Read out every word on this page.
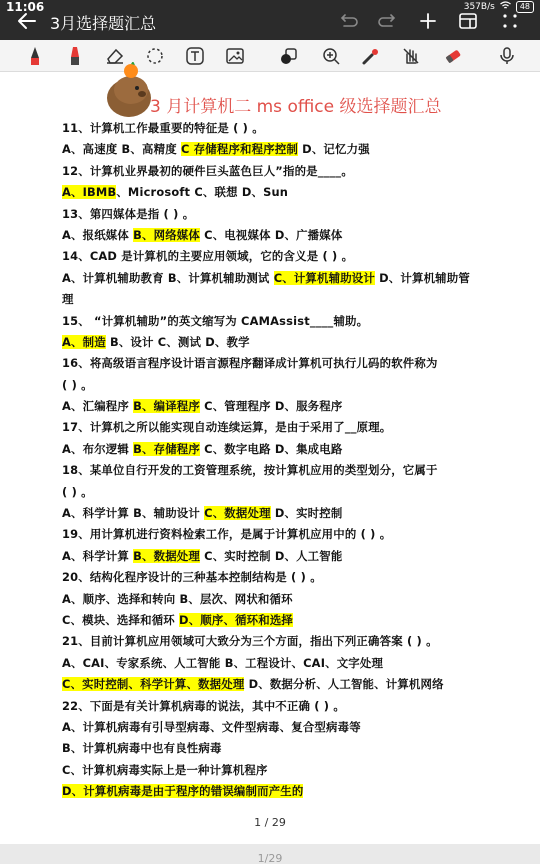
11:06	357B/s	48
3月选择题汇总
3 月计算机二 ms office 级选择题汇总
11、计算机工作最重要的特征是 ( ) 。
A、高速度 B、高精度 C 存储程序和程序控制 D、记忆力强
12、计算机业界最初的硬件巨头蓝色巨人”指的是____。
A、IBMB、Microsoft C、联想 D、Sun
13、第四媒体是指 ( ) 。
A、报纸媒体 B、网络媒体 C、电视媒体 D、广播媒体
14、CAD 是计算机的主要应用领域，它的含义是 ( ) 。
A、计算机辅助教育 B、计算机辅助测试 C、计算机辅助设计 D、计算机辅助管
理
15、 “计算机辅助”的英文缩写为 CAMAssist____辅助。
A、制造 B、设计 C、测试 D、教学
16、将高级语言程序设计语言源程序翻译成计算机可执行儿码的软件称为
( ) 。
A、汇编程序 B、编译程序 C、管理程序 D、服务程序
17、计算机之所以能实现自动连续运算，是由于采用了__原理。
A、布尔逻辑 B、存储程序 C、数字电路 D、集成电路
18、某单位自行开发的工资管理系统，按计算机应用的类型划分，它属于
( ) 。
A、科学计算 B、辅助设计 C、数据处理 D、实时控制
19、用计算机进行资料检索工作，是属于计算机应用中的 ( ) 。
A、科学计算 B、数据处理 C、实时控制 D、人工智能
20、结构化程序设计的三种基本控制结构是 ( ) 。
A、顺序、选择和转向 B、层次、网状和循环
C、模块、选择和循环 D、顺序、循环和选择
21、目前计算机应用领域可大致分为三个方面，指出下列正确答案 ( ) 。
A、CAI、专家系统、人工智能 B、工程设计、CAI、文字处理
C、实时控制、科学计算、数据处理 D、数据分析、人工智能、计算机网络
22、下面是有关计算机病毒的说法，其中不正确 ( ) 。
A、计算机病毒有引导型病毒、文件型病毒、复合型病毒等
B、计算机病毒中也有良性病毒
C、计算机病毒实际上是一种计算机程序
D、计算机病毒是由于程序的错误编制而产生的
1 / 29
1/29
